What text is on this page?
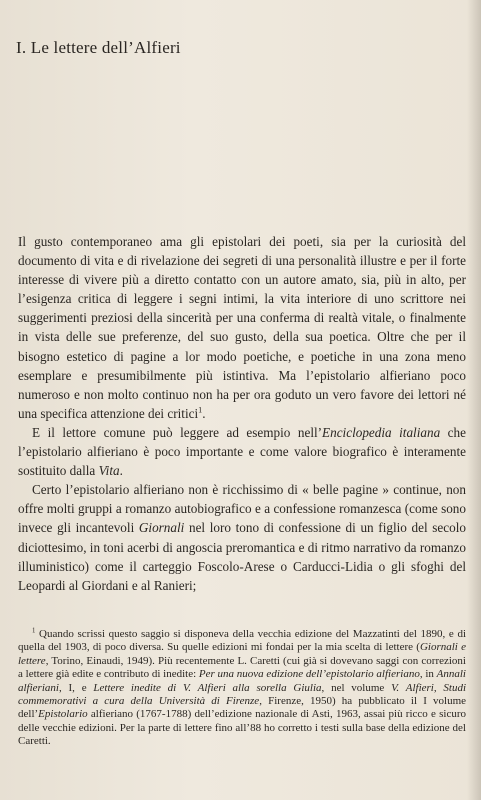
I. Le lettere dell’Alfieri

Il gusto contemporaneo ama gli epistolari dei poeti, sia per la curiosità del documento di vita e di rivelazione dei segreti di una personalità illustre e per il forte interesse di vivere più a diretto contatto con un autore amato, sia, più in alto, per l’esigenza critica di leggere i segni intimi, la vita interiore di uno scrittore nei suggerimenti preziosi della sincerità per una conferma di realtà vitale, o finalmente in vista delle sue preferenze, del suo gusto, della sua poetica. Oltre che per il bisogno estetico di pagine a lor modo poetiche, e poetiche in una zona meno esemplare e presumibilmente più istintiva. Ma l’epistolario alfieriano poco numeroso e non molto continuo non ha per ora goduto un vero favore dei lettori né una specifica attenzione dei critici$^1$.

E il lettore comune può leggere ad esempio nell’Enciclopedia italiana che l’epistolario alfieriano è poco importante e come valore biografico è interamente sostituito dalla Vita.

Certo l’epistolario alfieriano non è ricchissimo di « belle pagine » continue, non offre molti gruppi a romanzo autobiografico e a confessione romanzesca (come sono invece gli incantevoli Giornali nel loro tono di confessione di un figlio del secolo diciottesimo, in toni acerbi di angoscia preromantica e di ritmo narrativo da romanzo illuministico) come il carteggio Foscolo-Arese o Carducci-Lidia o gli sfoghi del Leopardi al Giordani e al Ranieri;

$^1$ Quando scrissi questo saggio si disponeva della vecchia edizione del Mazzatinti del 1890, e di quella del 1903, di poco diversa. Su quelle edizioni mi fondai per la mia scelta di lettere (Giornali e lettere, Torino, Einaudi, 1949). Più recentemente L. Caretti (cui già si dovevano saggi con correzioni a lettere già edite e contributo di inedite: Per una nuova edizione dell’epistolario alfieriano, in Annali alfieriani, I, e Lettere inedite di V. Alfieri alla sorella Giulia, nel volume V. Alfieri, Studi commemorativi a cura della Università di Firenze, Firenze, 1950) ha pubblicato il I volume dell’Epistolario alfieriano (1767-1788) dell’edizione nazionale di Asti, 1963, assai più ricco e sicuro delle vecchie edizioni. Per la parte di lettere fino all’88 ho corretto i testi sulla base della edizione del Caretti.
